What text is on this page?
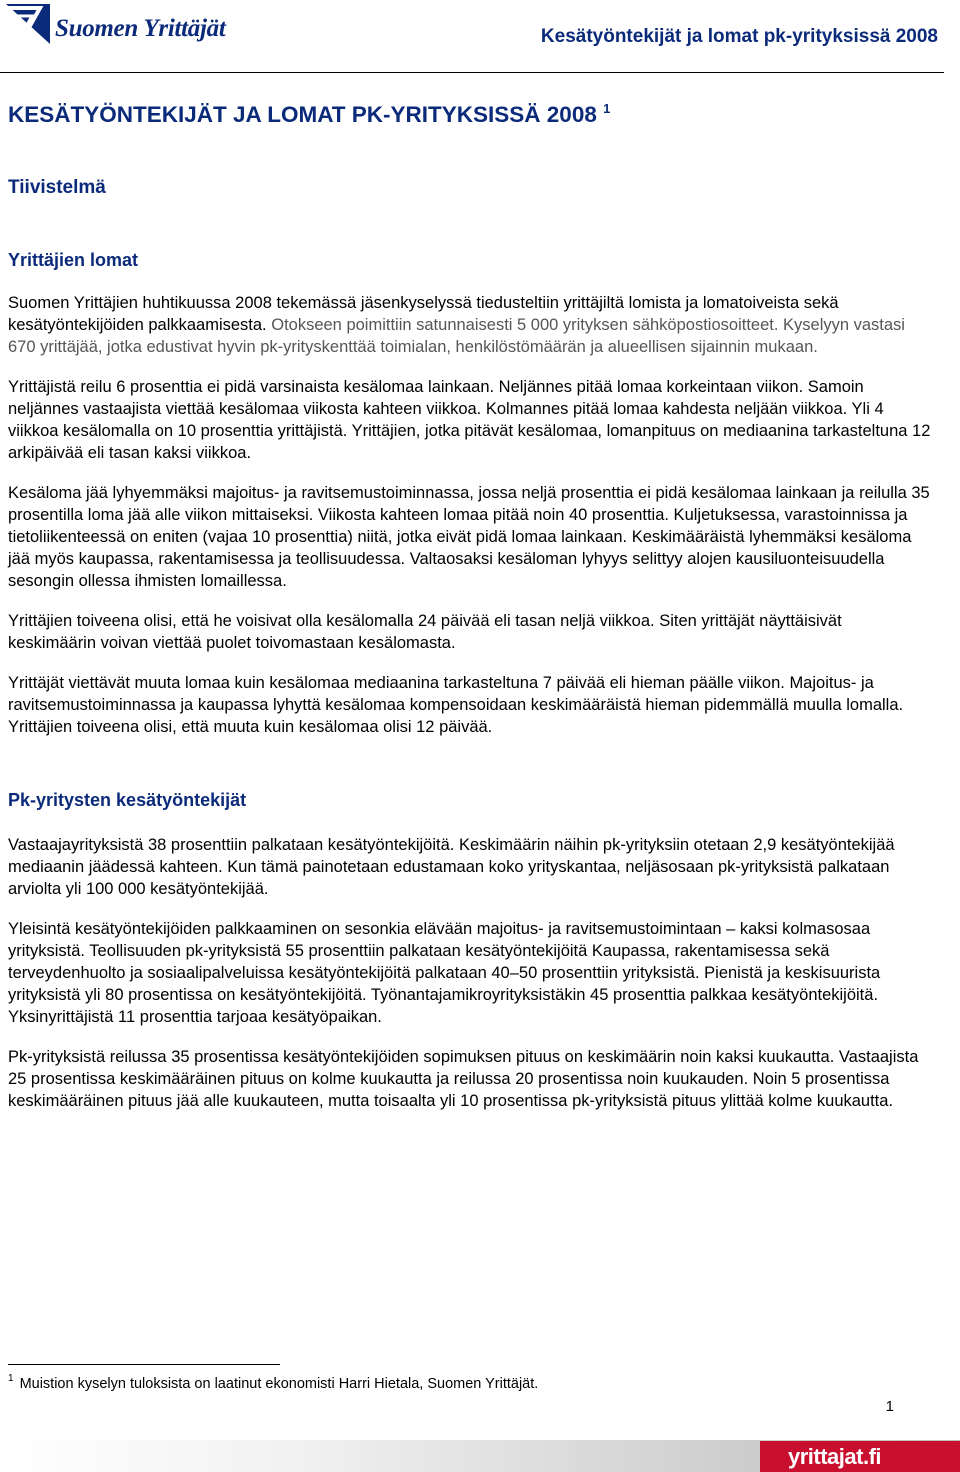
Suomen Yrittäjät	Kesätyöntekijät ja lomat pk-yrityksissä 2008
KESÄTYÖNTEKIJÄT JA LOMAT PK-YRITYKSISSÄ 2008 $^1$
Tiivistelmä
Yrittäjien lomat

Suomen Yrittäjien huhtikuussa 2008 tekemässä jäsenkyselyssä tiedusteltiin yrittäjiltä lomista ja lomatoiveista sekä kesätyöntekijöiden palkkaamisesta. Otokseen poimittiin satunnaisesti 5 000 yrityksen sähköpostiosoitteet. Kyselyyn vastasi 670 yrittäjää, jotka edustivat hyvin pk-yrityskenttää toimialan, henkilöstömäärän ja alueellisen sijainnin mukaan.

Yrittäjistä reilu 6 prosenttia ei pidä varsinaista kesälomaa lainkaan. Neljännes pitää lomaa korkeintaan viikon. Samoin neljännes vastaajista viettää kesälomaa viikosta kahteen viikkoa. Kolmannes pitää lomaa kahdesta neljään viikkoa. Yli 4 viikkoa kesälomalla on 10 prosenttia yrittäjistä. Yrittäjien, jotka pitävät kesälomaa, lomanpituus on mediaanina tarkasteltuna 12 arkipäivää eli tasan kaksi viikkoa.

Kesäloma jää lyhyemmäksi majoitus- ja ravitsemustoiminnassa, jossa neljä prosenttia ei pidä kesälomaa lainkaan ja reilulla 35 prosentilla loma jää alle viikon mittaiseksi. Viikosta kahteen lomaa pitää noin 40 prosenttia. Kuljetuksessa, varastoinnissa ja tietoliikenteessä on eniten (vajaa 10 prosenttia) niitä, jotka eivät pidä lomaa lainkaan. Keskimääräistä lyhemmäksi kesäloma jää myös kaupassa, rakentamisessa ja teollisuudessa. Valtaosaksi kesäloman lyhyys selittyy alojen kausiluonteisuudella sesongin ollessa ihmisten lomaillessa.

Yrittäjien toiveena olisi, että he voisivat olla kesälomalla 24 päivää eli tasan neljä viikkoa. Siten yrittäjät näyttäisivät keskimäärin voivan viettää puolet toivomastaan kesälomasta.

Yrittäjät viettävät muuta lomaa kuin kesälomaa mediaanina tarkasteltuna 7 päivää eli hieman päälle viikon. Majoitus- ja ravitsemustoiminnassa ja kaupassa lyhyttä kesälomaa kompensoidaan keskimääräistä hieman pidemmällä muulla lomalla. Yrittäjien toiveena olisi, että muuta kuin kesälomaa olisi 12 päivää.

Pk-yritysten kesätyöntekijät

Vastaajayrityksistä 38 prosenttiin palkataan kesätyöntekijöitä. Keskimäärin näihin pk-yrityksiin otetaan 2,9 kesätyöntekijää mediaanin jäädessä kahteen. Kun tämä painotetaan edustamaan koko yrityskantaa, neljäsosaan pk-yrityksistä palkataan arviolta yli 100 000 kesätyöntekijää.

Yleisintä kesätyöntekijöiden palkkaaminen on sesonkia elävään majoitus- ja ravitsemustoimintaan – kaksi kolmasosaa yrityksistä. Teollisuuden pk-yrityksistä 55 prosenttiin palkataan kesätyöntekijöitä Kaupassa, rakentamisessa sekä terveydenhuolto ja sosiaalipalveluissa kesätyöntekijöitä palkataan 40–50 prosenttiin yrityksistä. Pienistä ja keskisuurista yrityksistä yli 80 prosentissa on kesätyöntekijöitä. Työnantajamikroyrityksistäkin 45 prosenttia palkkaa kesätyöntekijöitä. Yksinyrittäjistä 11 prosenttia tarjoaa kesätyöpaikan.

Pk-yrityksistä reilussa 35 prosentissa kesätyöntekijöiden sopimuksen pituus on keskimäärin noin kaksi kuukautta. Vastaajista 25 prosentissa keskimääräinen pituus on kolme kuukautta ja reilussa 20 prosentissa noin kuukauden. Noin 5 prosentissa keskimääräinen pituus jää alle kuukauteen, mutta toisaalta yli 10 prosentissa pk-yrityksistä pituus ylittää kolme kuukautta.

$^1$ Muistion kyselyn tuloksista on laatinut ekonomisti Harri Hietala, Suomen Yrittäjät.
1
yrittajat.fi
